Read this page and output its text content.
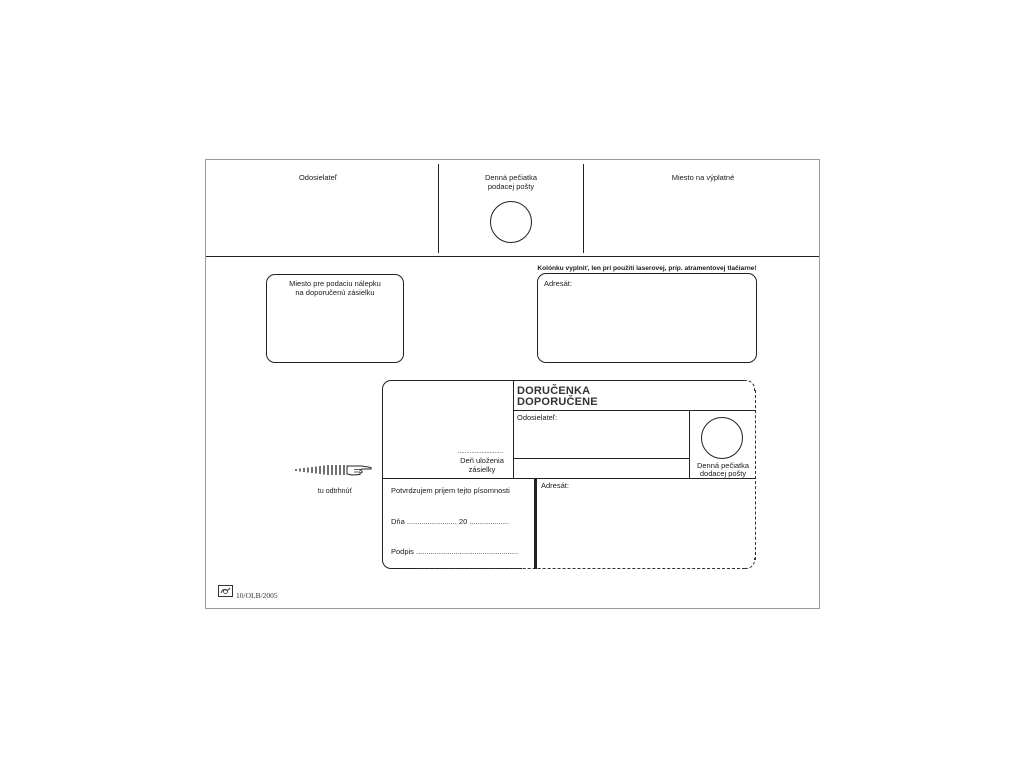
Odosielateľ	Denná pečiatka
podacej pošty
Miesto na výplatné
Miesto pre podaciu nálepku
na doporučenú zásielku
Kolónku vyplniť, len pri použití laserovej, príp. atramentovej tlačiarne!
Adresát:
tu odtrhnúť
DORUČENKA
DOPORUČENE
Odosielateľ:
...........................
Deň uloženia
zásielky	Denná pečiatka
dodacej pošty
Potvrdzujem prijem tejto písomnosti
Dňa ........................ 20 ...................
Podpis .................................................
Adresát:
10/OLB/2005
